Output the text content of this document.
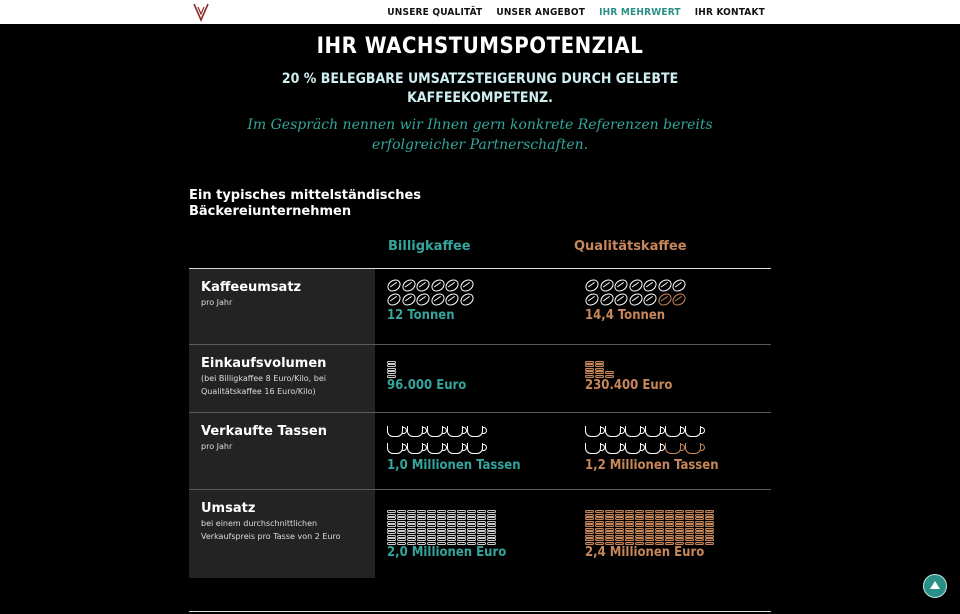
UNSERE QUALITÄT UNSER ANGEBOT IHR MEHRWERT IHR KONTAKT
IHR WACHSTUMSPOTENZIAL
20 % BELEGBARE UMSATZSTEIGERUNG DURCH GELEBTE KAFFEEKOMPETENZ.

Im Gespräch nennen wir Ihnen gern konkrete Referenzen bereits erfolgreicher Partnerschaften.

Ein typisches mittelständisches
Bäckereiunternehmen
Billigkaffee	Qualitätskaffee
Kaffeeumsatz
pro Jahr
12 Tonnen	14,4 Tonnen
Einkaufsvolumen
(bei Billigkaffee 8 Euro/Kilo, bei Qualitätskaffee 16 Euro/Kilo)	96.000 Euro	230.400 Euro
Verkaufte Tassen
pro Jahr
1,0 Millionen Tassen	1,2 Millionen Tassen
Umsatz
bei einem durchschnittlichen Verkaufspreis pro Tasse von 2 Euro
2,0 Millionen Euro	2,4 Millionen Euro
